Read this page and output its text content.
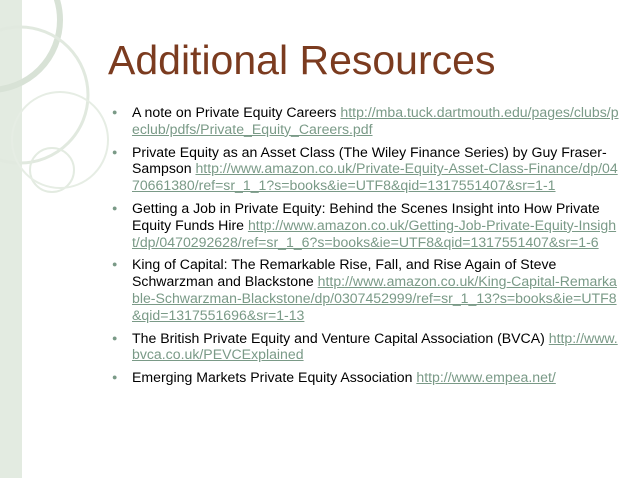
Additional Resources
● A note on Private Equity Careers http://mba.tuck.dartmouth.edu/pages/clubs/peclub/pdfs/Private_Equity_Careers.pdf
● Private Equity as an Asset Class (The Wiley Finance Series) by Guy Fraser-Sampson http://www.amazon.co.uk/Private-Equity-Asset-Class-Finance/dp/0470661380/ref=sr_1_1?s=books&ie=UTF8&qid=1317551407&sr=1-1
● Getting a Job in Private Equity: Behind the Scenes Insight into How Private Equity Funds Hire http://www.amazon.co.uk/Getting-Job-Private-Equity-Insight/dp/0470292628/ref=sr_1_6?s=books&ie=UTF8&qid=1317551407&sr=1-6
● King of Capital: The Remarkable Rise, Fall, and Rise Again of Steve Schwarzman and Blackstone http://www.amazon.co.uk/King-Capital-Remarkable-Schwarzman-Blackstone/dp/0307452999/ref=sr_1_13?s=books&ie=UTF8&qid=1317551696&sr=1-13
● The British Private Equity and Venture Capital Association (BVCA) http://www.bvca.co.uk/PEVCExplained
● Emerging Markets Private Equity Association http://www.empea.net/
